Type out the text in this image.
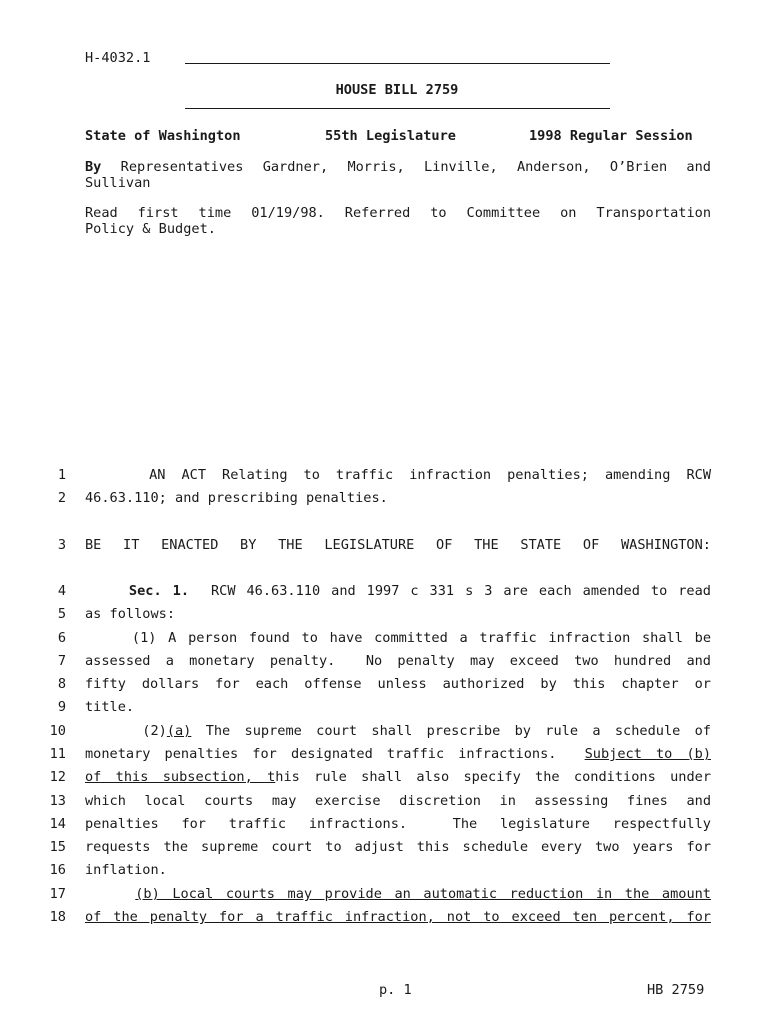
H-4032.1
HOUSE BILL 2759
State of Washington	55th Legislature	1998 Regular Session
By Representatives Gardner, Morris, Linville, Anderson, O’Brien and
Sullivan
Read first time 01/19/98. Referred to Committee on Transportation
Policy & Budget.
1 AN ACT Relating to traffic infraction penalties; amending RCW
2 46.63.110; and prescribing penalties.
3 BE IT ENACTED BY THE LEGISLATURE OF THE STATE OF WASHINGTON:
4	Sec. 1.  RCW 46.63.110 and 1997 c 331 s 3 are each amended to read
5 as follows:
6 (1) A person found to have committed a traffic infraction shall be
7 assessed a monetary penalty.  No penalty may exceed two hundred and
8 fifty dollars for each offense unless authorized by this chapter or
9 title.
10 (2)(a) The supreme court shall prescribe by rule a schedule of
11 monetary penalties for designated traffic infractions.  Subject to (b)
12 of this subsection, this rule shall also specify the conditions under
13 which local courts may exercise discretion in assessing fines and
14 penalties for traffic infractions.  The legislature respectfully
15 requests the supreme court to adjust this schedule every two years for
16 inflation.
17	(b) Local courts may provide an automatic reduction in the amount
18 of the penalty for a traffic infraction, not to exceed ten percent, for
p. 1	HB 2759
